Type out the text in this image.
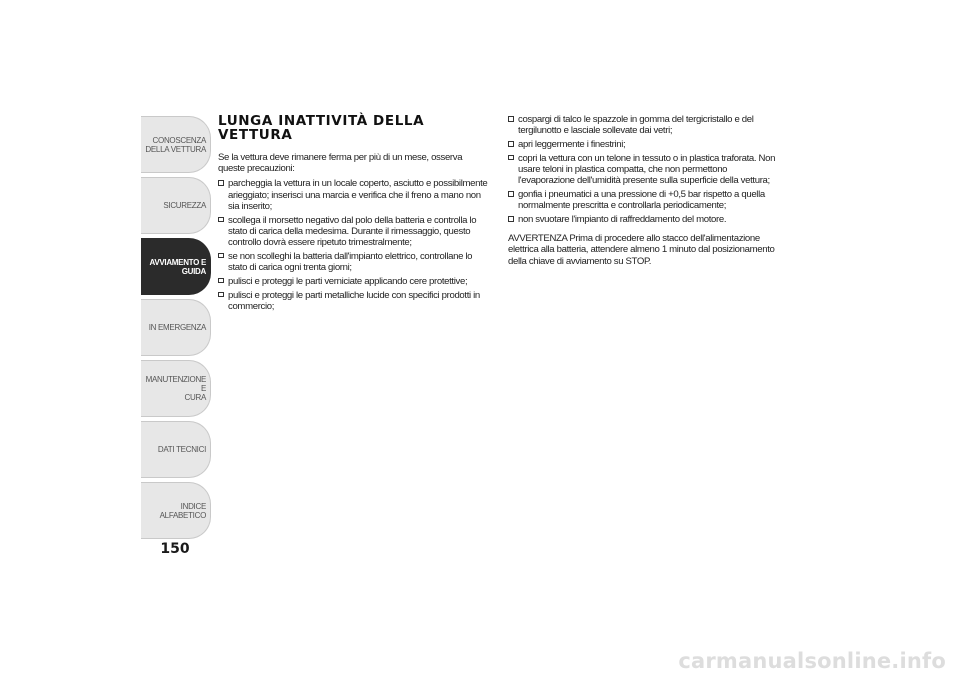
CONOSCENZA
DELLA VETTURA
SICUREZZA
AVVIAMENTO E
GUIDA
IN EMERGENZA
MANUTENZIONE E
CURA
DATI TECNICI
INDICE ALFABETICO
150
LUNGA INATTIVITÀ DELLA VETTURA

Se la vettura deve rimanere ferma per più di un mese, osserva queste precauzioni:

parcheggia la vettura in un locale coperto, asciutto e possibilmente arieggiato; inserisci una marcia e verifica che il freno a mano non sia inserito;
scollega il morsetto negativo dal polo della batteria e controlla lo stato di carica della medesima. Durante il rimessaggio, questo controllo dovrà essere ripetuto trimestralmente;
se non scolleghi la batteria dall'impianto elettrico, controllane lo stato di carica ogni trenta giorni;
pulisci e proteggi le parti verniciate applicando cere protettive;
pulisci e proteggi le parti metalliche lucide con specifici prodotti in commercio;
cospargi di talco le spazzole in gomma del tergicristallo e del tergilunotto e lasciale sollevate dai vetri;
apri leggermente i finestrini;
copri la vettura con un telone in tessuto o in plastica traforata. Non usare teloni in plastica compatta, che non permettono l'evaporazione dell'umidità presente sulla superficie della vettura;
gonfia i pneumatici a una pressione di +0,5 bar rispetto a quella normalmente prescritta e controllarla periodicamente;
non svuotare l'impianto di raffreddamento del motore.

AVVERTENZA Prima di procedere allo stacco dell'alimentazione elettrica alla batteria, attendere almeno 1 minuto dal posizionamento della chiave di avviamento su STOP.

carmanualsonline.info
